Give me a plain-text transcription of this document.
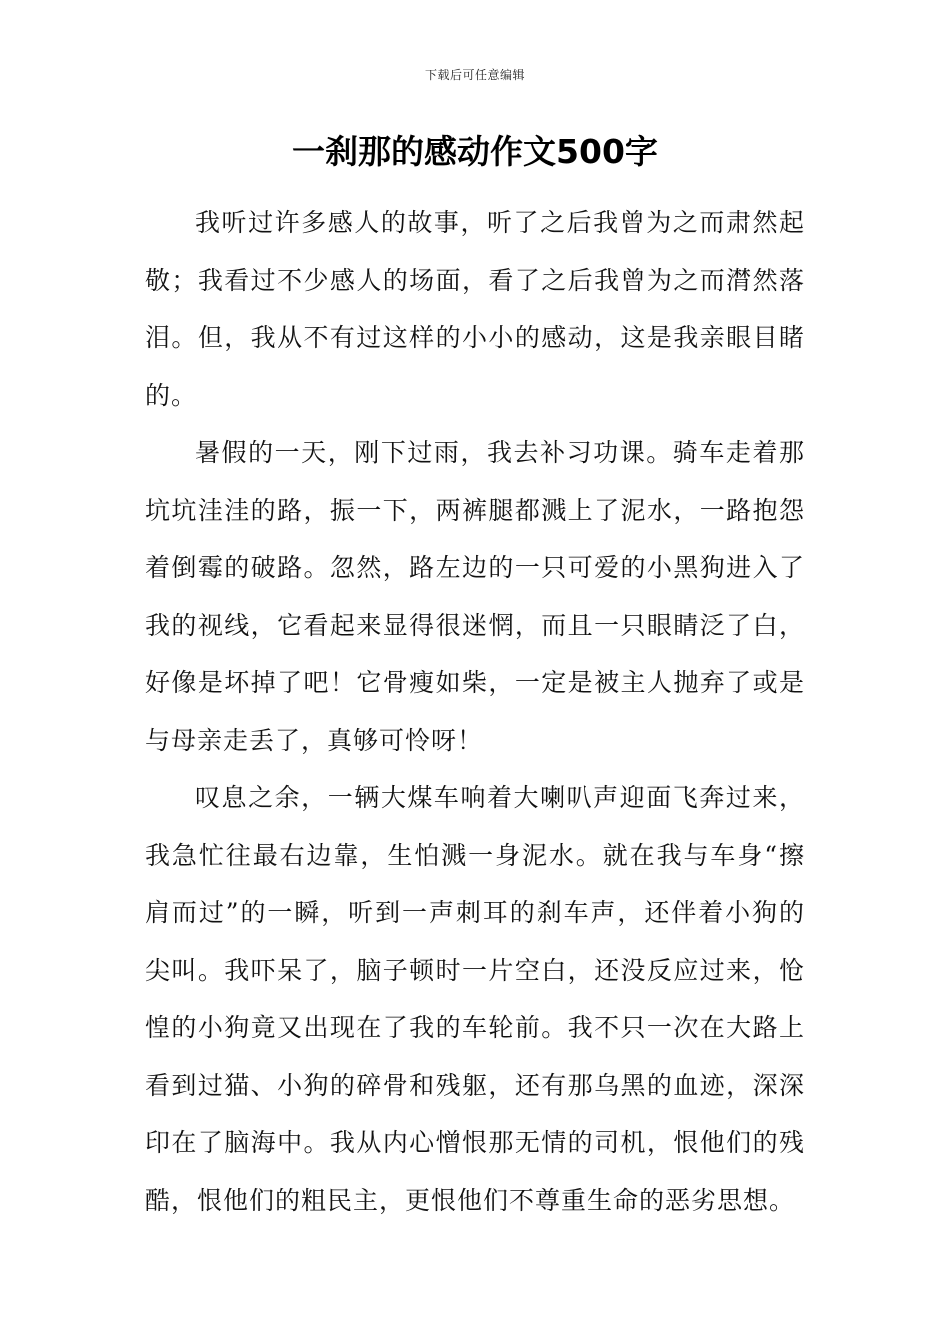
下载后可任意编辑
一刹那的感动作文500字

我听过许多感人的故事，听了之后我曾为之而肃然起敬；我看过不少感人的场面，看了之后我曾为之而潸然落泪。但，我从不有过这样的小小的感动，这是我亲眼目睹的。

暑假的一天，刚下过雨，我去补习功课。骑车走着那坑坑洼洼的路，振一下，两裤腿都溅上了泥水，一路抱怨着倒霉的破路。忽然，路左边的一只可爱的小黑狗进入了我的视线，它看起来显得很迷惘，而且一只眼睛泛了白，好像是坏掉了吧！它骨瘦如柴，一定是被主人抛弃了或是与母亲走丢了，真够可怜呀！

叹息之余，一辆大煤车响着大喇叭声迎面飞奔过来，我急忙往最右边靠，生怕溅一身泥水。就在我与车身“擦肩而过”的一瞬，听到一声刺耳的刹车声，还伴着小狗的尖叫。我吓呆了，脑子顿时一片空白，还没反应过来，怆惶的小狗竟又出现在了我的车轮前。我不只一次在大路上看到过猫、小狗的碎骨和残躯，还有那乌黑的血迹，深深印在了脑海中。我从内心憎恨那无情的司机，恨他们的残酷，恨他们的粗民主，更恨他们不尊重生命的恶劣思想。
